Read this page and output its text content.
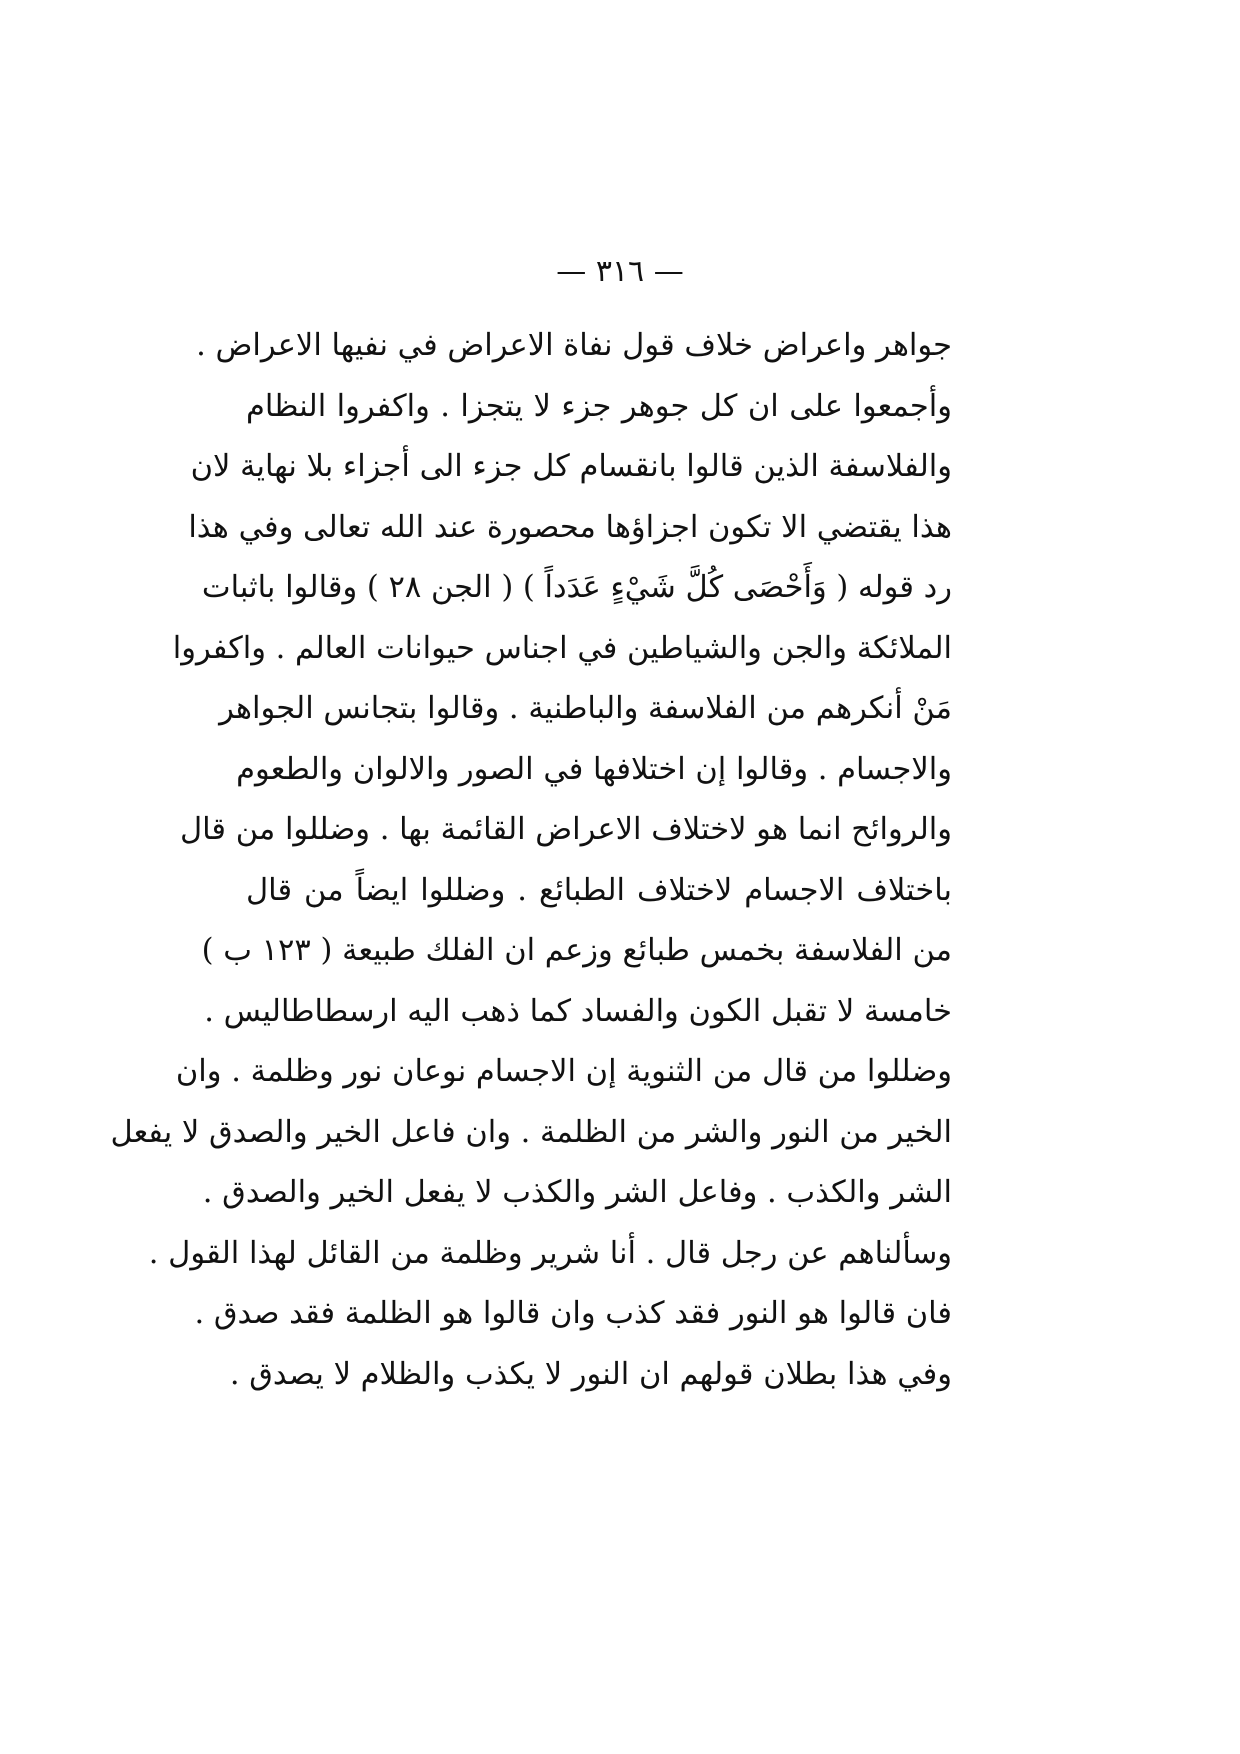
— ٣١٦ —
جواهر واعراض خلاف قول نفاة الاعراض في نفيها الاعراض .
وأجمعوا على ان كل جوهر جزء لا يتجزا . واكفروا النظام
والفلاسفة الذين قالوا بانقسام كل جزء الى أجزاء بلا نهاية لان
هذا يقتضي الا تكون اجزاؤها محصورة عند الله تعالى وفي هذا
رد قوله ( وَأَحْصَى كُلَّ شَيْءٍ عَدَداً ) ( الجن ٢٨ ) وقالوا باثبات
الملائكة والجن والشياطين في اجناس حيوانات العالم . واكفروا
مَنْ أنكرهم من الفلاسفة والباطنية . وقالوا بتجانس الجواهر
والاجسام . وقالوا إن اختلافها في الصور والالوان والطعوم
والروائح انما هو لاختلاف الاعراض القائمة بها . وضللوا من قال
باختلاف الاجسام لاختلاف الطبائع . وضللوا ايضاً من قال
من الفلاسفة بخمس طبائع وزعم ان الفلك طبيعة ( ١٢٣ ب )
خامسة لا تقبل الكون والفساد كما ذهب اليه ارسطاطاليس .
وضللوا من قال من الثنوية إن الاجسام نوعان نور وظلمة . وان
الخير من النور والشر من الظلمة . وان فاعل الخير والصدق لا يفعل
الشر والكذب . وفاعل الشر والكذب لا يفعل الخير والصدق .
وسألناهم عن رجل قال . أنا شرير وظلمة من القائل لهذا القول .
فان قالوا هو النور فقد كذب وان قالوا هو الظلمة فقد صدق .
وفي هذا بطلان قولهم ان النور لا يكذب والظلام لا يصدق .
